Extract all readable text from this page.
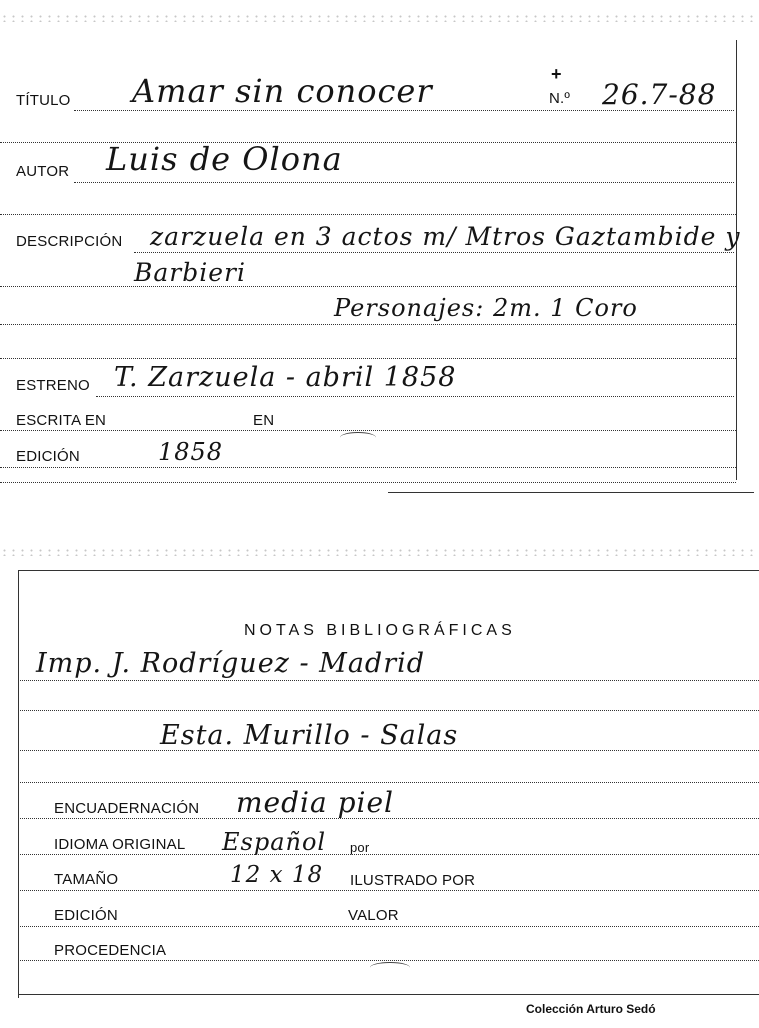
TÍTULO Amar sin conocer	+
N.º 26.7-88
AUTOR Luis de Olona
DESCRIPCIÓN zarzuela en 3 actos m/ Mtros Gaztambide y
Barbieri
Personajes: 2m. 1 Coro
ESTRENO T. Zarzuela - abril 1858
ESCRITA EN	EN
EDICIÓN	1858
NOTAS BIBLIOGRÁFICAS
Imp. J. Rodríguez - Madrid
Esta. Murillo - Salas
ENCUADERNACIÓN media piel
IDIOMA ORIGINAL Español por
TAMAÑO	12 x 18 ILUSTRADO POR
EDICIÓN	VALOR
PROCEDENCIA
Colección Arturo Sedó
